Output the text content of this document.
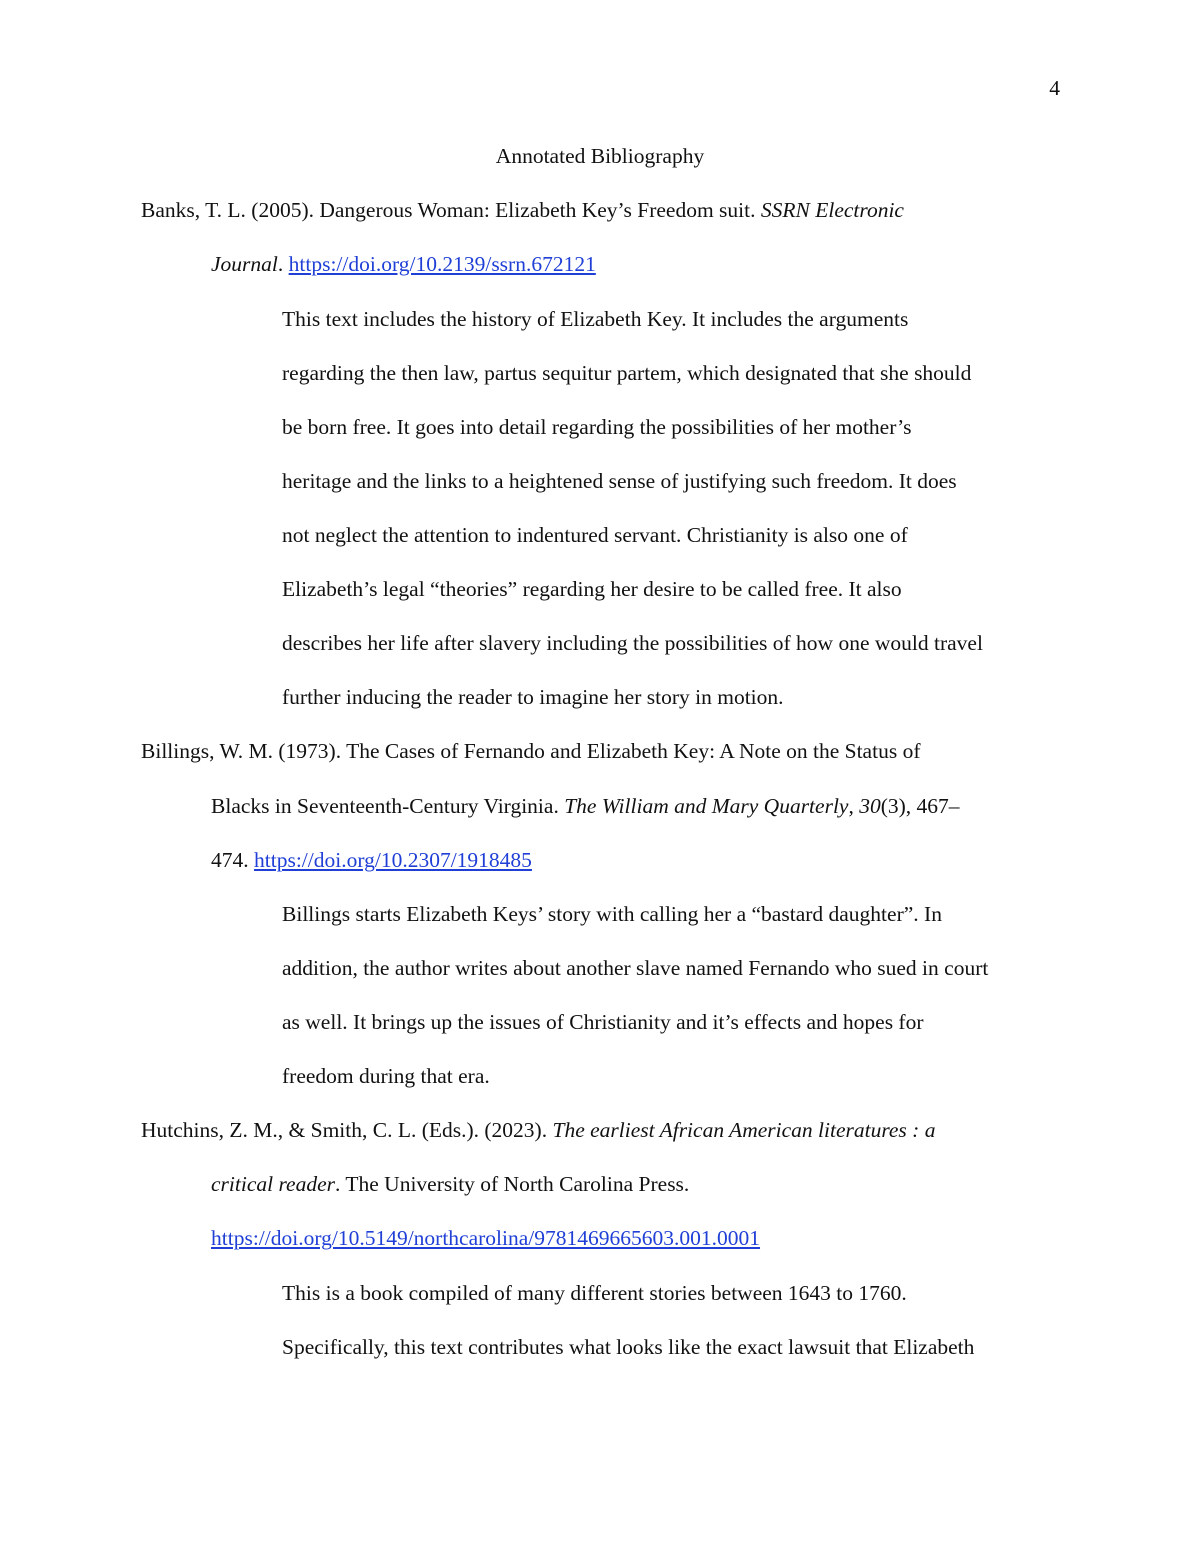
4
Annotated Bibliography
Banks, T. L. (2005). Dangerous Woman: Elizabeth Key’s Freedom suit. SSRN Electronic
Journal. https://doi.org/10.2139/ssrn.672121
This text includes the history of Elizabeth Key. It includes the arguments
regarding the then law, partus sequitur partem, which designated that she should
be born free. It goes into detail regarding the possibilities of her mother’s
heritage and the links to a heightened sense of justifying such freedom. It does
not neglect the attention to indentured servant. Christianity is also one of
Elizabeth’s legal “theories” regarding her desire to be called free. It also
describes her life after slavery including the possibilities of how one would travel
further inducing the reader to imagine her story in motion.
Billings, W. M. (1973). The Cases of Fernando and Elizabeth Key: A Note on the Status of
Blacks in Seventeenth-Century Virginia. The William and Mary Quarterly, 30(3), 467–
474. https://doi.org/10.2307/1918485
Billings starts Elizabeth Keys’ story with calling her a “bastard daughter”. In
addition, the author writes about another slave named Fernando who sued in court
as well. It brings up the issues of Christianity and it’s effects and hopes for
freedom during that era.
Hutchins, Z. M., & Smith, C. L. (Eds.). (2023). The earliest African American literatures : a
critical reader. The University of North Carolina Press.
https://doi.org/10.5149/northcarolina/9781469665603.001.0001
This is a book compiled of many different stories between 1643 to 1760.
Specifically, this text contributes what looks like the exact lawsuit that Elizabeth
